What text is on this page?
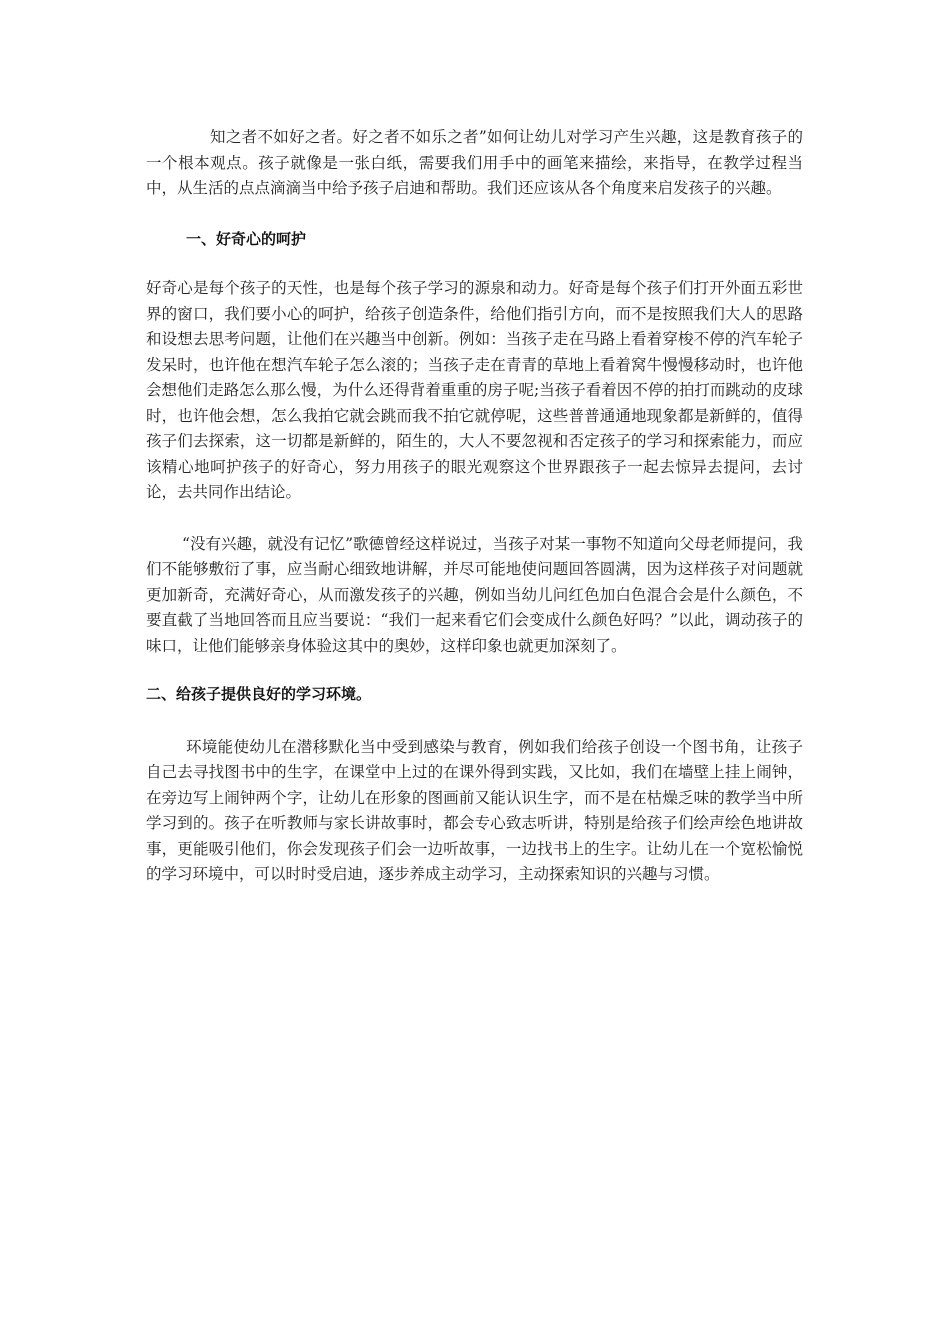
知之者不如好之者。好之者不如乐之者”如何让幼儿对学习产生兴趣，这是教育孩子的一个根本观点。孩子就像是一张白纸，需要我们用手中的画笔来描绘，来指导，在教学过程当中，从生活的点点滴滴当中给予孩子启迪和帮助。我们还应该从各个角度来启发孩子的兴趣。

一、好奇心的呵护

好奇心是每个孩子的天性，也是每个孩子学习的源泉和动力。好奇是每个孩子们打开外面五彩世界的窗口，我们要小心的呵护，给孩子创造条件，给他们指引方向，而不是按照我们大人的思路和设想去思考问题，让他们在兴趣当中创新。例如：当孩子走在马路上看着穿梭不停的汽车轮子发呆时，也许他在想汽车轮子怎么滚的；当孩子走在青青的草地上看着窝牛慢慢移动时，也许他会想他们走路怎么那么慢，为什么还得背着重重的房子呢;当孩子看着因不停的拍打而跳动的皮球时，也许他会想，怎么我拍它就会跳而我不拍它就停呢，这些普普通通地现象都是新鲜的，值得孩子们去探索，这一切都是新鲜的，陌生的，大人不要忽视和否定孩子的学习和探索能力，而应该精心地呵护孩子的好奇心，努力用孩子的眼光观察这个世界跟孩子一起去惊异去提问，去讨论，去共同作出结论。

“没有兴趣，就没有记忆”歌德曾经这样说过，当孩子对某一事物不知道向父母老师提问，我们不能够敷衍了事，应当耐心细致地讲解，并尽可能地使问题回答圆满，因为这样孩子对问题就更加新奇，充满好奇心，从而激发孩子的兴趣，例如当幼儿问红色加白色混合会是什么颜色，不要直截了当地回答而且应当要说：“我们一起来看它们会变成什么颜色好吗？”以此，调动孩子的味口，让他们能够亲身体验这其中的奥妙，这样印象也就更加深刻了。

二、给孩子提供良好的学习环境。

环境能使幼儿在潜移默化当中受到感染与教育，例如我们给孩子创设一个图书角，让孩子自己去寻找图书中的生字，在课堂中上过的在课外得到实践，又比如，我们在墙壁上挂上闹钟，在旁边写上闹钟两个字，让幼儿在形象的图画前又能认识生字，而不是在枯燥乏味的教学当中所学习到的。孩子在听教师与家长讲故事时，都会专心致志听讲，特别是给孩子们绘声绘色地讲故事，更能吸引他们，你会发现孩子们会一边听故事，一边找书上的生字。让幼儿在一个宽松愉悦的学习环境中，可以时时受启迪，逐步养成主动学习，主动探索知识的兴趣与习惯。
